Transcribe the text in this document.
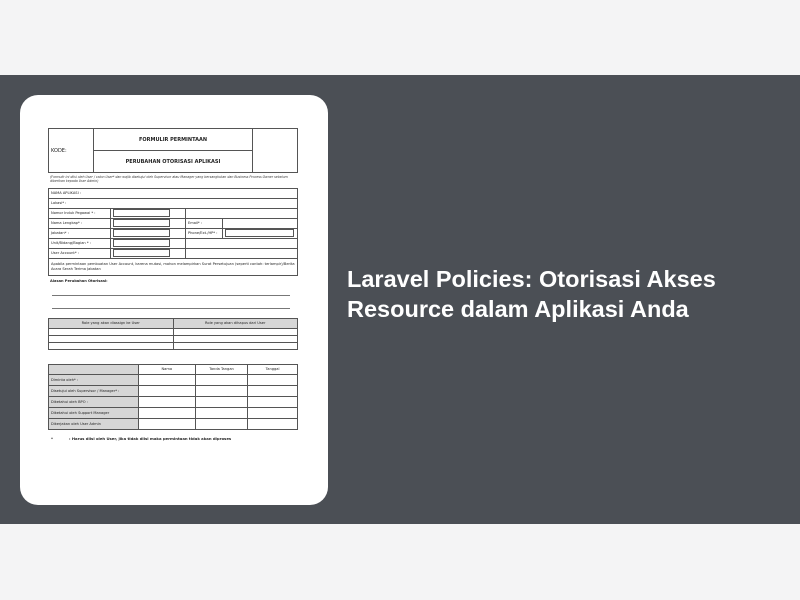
KODE:	FORMULIR PERMINTAAN	
PERUBAHAN OTORISASI APLIKASI
(Formulir ini diisi oleh User / calon User* dan wajib disetujui oleh Supervisor atau Manager yang bersangkutan dan Business Process Owner sebelum diberikan kepada User Admin)
NAMA APLIKASI :			
Lokasi* :			
Nomor Induk Pegawai * :		

Nama Lengkap* :		Email* :	
Jabatan* :		Phone/Ext./HP* :	

Unit/Bidang/Bagian * :		

User Account* :		

Apabila permintaan pembuatan User Account, karena mutasi, mohon melampirkan Surat Persetujuan (seperti contoh: terlampir)/Berita Acara Serah Terima Jabatan			
Alasan Perubahan Otorisasi:
Role yang akan diassign ke User	Role yang akan dihapus dari User

	Nama	Tanda Tangan	Tanggal
Diminta oleh* :			
Disetujui oleh Supervisor / Manager* :			
Diketahui oleh BPO :			
Diketahui oleh Support Manager			
Dikerjakan oleh User Admin			
*	: Harus diisi oleh User, jika tidak diisi maka permintaan tidak akan diproses
Laravel Policies: Otorisasi Akses Resource dalam Aplikasi Anda
